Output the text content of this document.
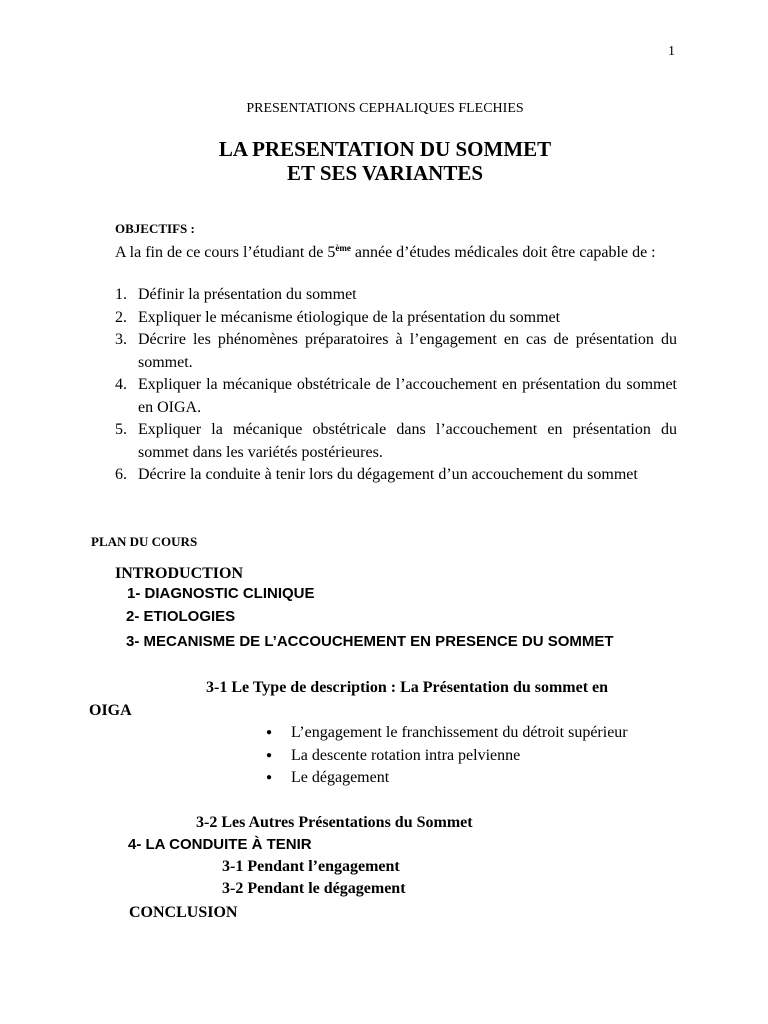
1
PRESENTATIONS CEPHALIQUES FLECHIES
LA PRESENTATION DU SOMMET
ET SES VARIANTES
OBJECTIFS :
A la fin de ce cours l’étudiant de 5ème année d’études médicales doit être capable de :
1. Définir la présentation du sommet
2. Expliquer le mécanisme étiologique de la présentation du sommet
3. Décrire les phénomènes préparatoires à l’engagement en cas de présentation du sommet.
4. Expliquer la mécanique obstétricale de l’accouchement en présentation du sommet en OIGA.
5. Expliquer la mécanique obstétricale dans l’accouchement en présentation du sommet dans les variétés postérieures.
6. Décrire la conduite à tenir lors du dégagement d’un accouchement du sommet
PLAN DU COURS
INTRODUCTION
1- DIAGNOSTIC CLINIQUE
2- ETIOLOGIES
3- MECANISME DE L’ACCOUCHEMENT EN PRESENCE DU SOMMET
3-1 Le Type de description : La Présentation du sommet en
OIGA
● L’engagement le franchissement du détroit supérieur
● La descente rotation intra pelvienne
● Le dégagement
3-2 Les Autres Présentations du Sommet
4- LA CONDUITE À TENIR
3-1 Pendant l’engagement
3-2 Pendant le dégagement
CONCLUSION
